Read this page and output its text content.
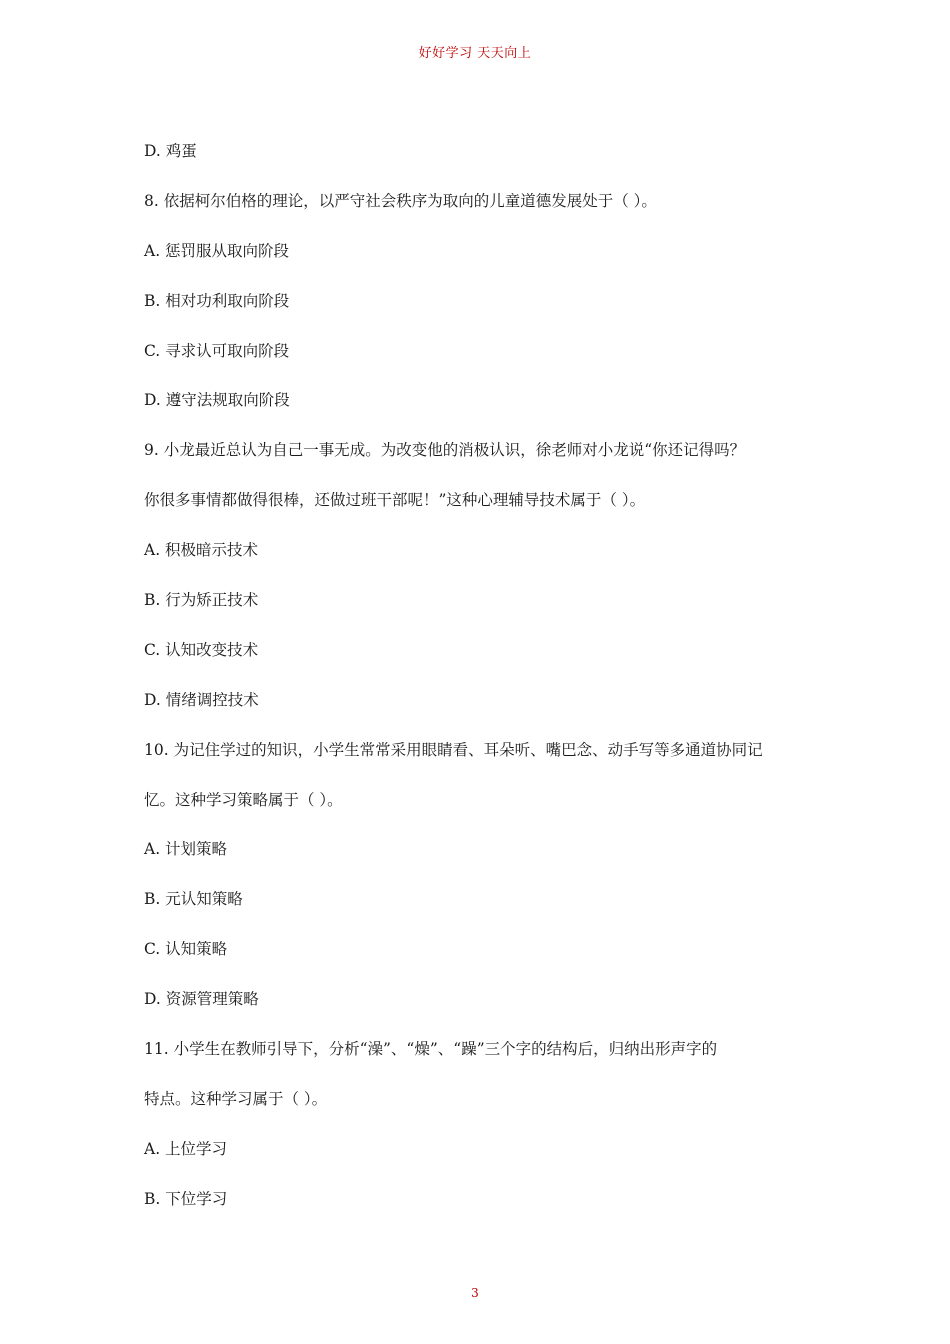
好好学习 天天向上
D. 鸡蛋
8. 依据柯尔伯格的理论，以严守社会秩序为取向的儿童道德发展处于（ ）。
A. 惩罚服从取向阶段
B. 相对功利取向阶段
C. 寻求认可取向阶段
D. 遵守法规取向阶段
9. 小龙最近总认为自己一事无成。为改变他的消极认识，徐老师对小龙说“你还记得吗？
你很多事情都做得很棒，还做过班干部呢！”这种心理辅导技术属于（ ）。
A. 积极暗示技术
B. 行为矫正技术
C. 认知改变技术
D. 情绪调控技术
10. 为记住学过的知识，小学生常常采用眼睛看、耳朵听、嘴巴念、动手写等多通道协同记
忆。这种学习策略属于（ ）。
A. 计划策略
B. 元认知策略
C. 认知策略
D. 资源管理策略
11. 小学生在教师引导下，分析“澡”、“燥”、“躁”三个字的结构后，归纳出形声字的
特点。这种学习属于（ ）。
A. 上位学习
B. 下位学习
3
